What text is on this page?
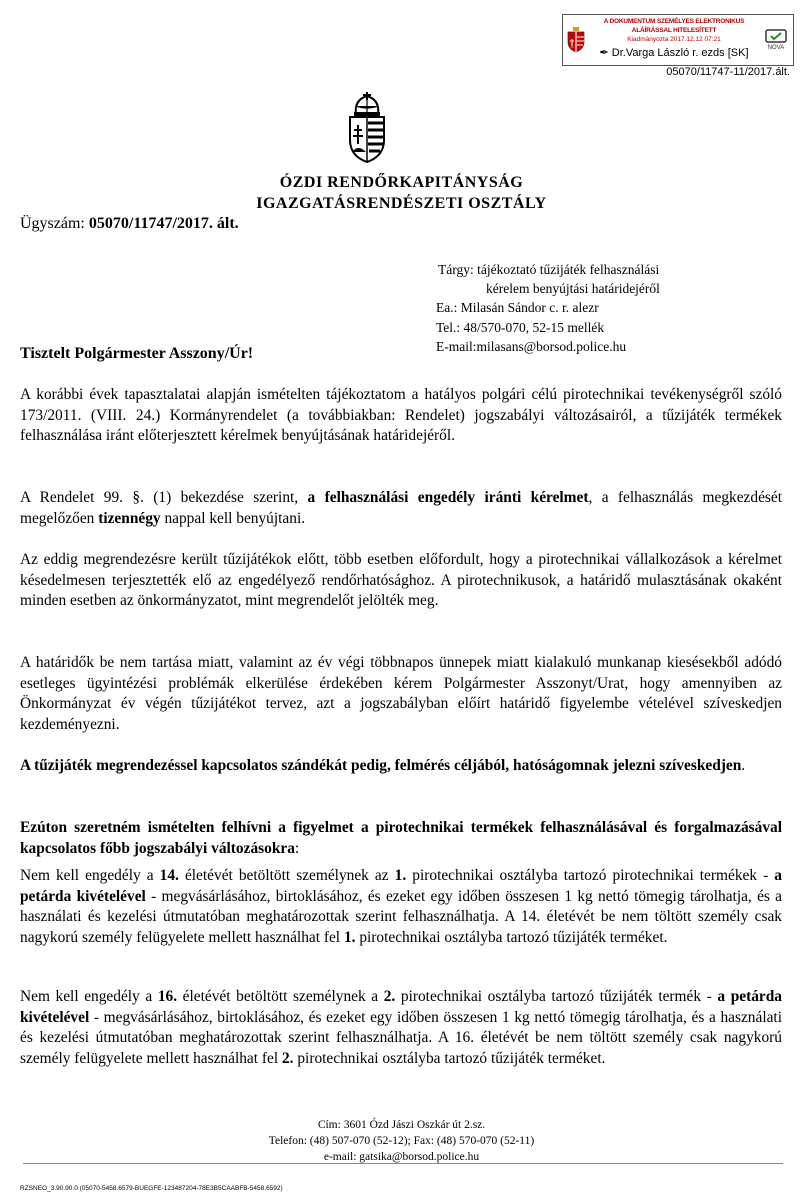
A DOKUMENTUM SZEMÉLYES ELEKTRONIKUS ALÁÍRÁSSAL HITELESÍTETT
Kiadmányozta 2017.12.12 07:21
✒ Dr.Varga László r. ezds [SK]	NOVA
05070/11747-11/2017.ált.
ÓZDI RENDŐRKAPITÁNYSÁG
IGAZGATÁSRENDÉSZETI OSZTÁLY
Ügyszám: 05070/11747/2017. ált.
Tárgy: tájékoztató tűzijáték felhasználási
kérelem benyújtási határidejéről
Ea.: Milasán Sándor c. r. alezr
Tel.: 48/570-070, 52-15 mellék
E-mail:milasans@borsod.police.hu
Tisztelt Polgármester Asszony/Úr!
A korábbi évek tapasztalatai alapján ismételten tájékoztatom a hatályos polgári célú pirotechnikai tevékenységről szóló 173/2011. (VIII. 24.) Kormányrendelet (a továbbiakban: Rendelet) jogszabályi változásairól, a tűzijáték termékek felhasználása iránt előterjesztett kérelmek benyújtásának határidejéről.
A Rendelet 99. §. (1) bekezdése szerint, a felhasználási engedély iránti kérelmet, a felhasználás megkezdését megelőzően tizennégy nappal kell benyújtani.
Az eddig megrendezésre került tűzijátékok előtt, több esetben előfordult, hogy a pirotechnikai vállalkozások a kérelmet késedelmesen terjesztették elő az engedélyező rendőrhatósághoz. A pirotechnikusok, a határidő mulasztásának okaként minden esetben az önkormányzatot, mint megrendelőt jelölték meg.
A határidők be nem tartása miatt, valamint az év végi többnapos ünnepek miatt kialakuló munkanap kiesésekből adódó esetleges ügyintézési problémák elkerülése érdekében kérem Polgármester Asszonyt/Urat, hogy amennyiben az Önkormányzat év végén tűzijátékot tervez, azt a jogszabályban előírt határidő figyelembe vételével szíveskedjen kezdeményezni.
A tűzijáték megrendezéssel kapcsolatos szándékát pedig, felmérés céljából, hatóságomnak jelezni szíveskedjen.
Ezúton szeretném ismételten felhívni a figyelmet a pirotechnikai termékek felhasználásával és forgalmazásával kapcsolatos főbb jogszabályi változásokra:
Nem kell engedély a 14. életévét betöltött személynek az 1. pirotechnikai osztályba tartozó pirotechnikai termékek - a petárda kivételével - megvásárlásához, birtoklásához, és ezeket egy időben összesen 1 kg nettó tömegig tárolhatja, és a használati és kezelési útmutatóban meghatározottak szerint felhasználhatja. A 14. életévét be nem töltött személy csak nagykorú személy felügyelete mellett használhat fel 1. pirotechnikai osztályba tartozó tűzijáték terméket.
Nem kell engedély a 16. életévét betöltött személynek a 2. pirotechnikai osztályba tartozó tűzijáték termék - a petárda kivételével - megvásárlásához, birtoklásához, és ezeket egy időben összesen 1 kg nettó tömegig tárolhatja, és a használati és kezelési útmutatóban meghatározottak szerint felhasználhatja. A 16. életévét be nem töltött személy csak nagykorú személy felügyelete mellett használhat fel 2. pirotechnikai osztályba tartozó tűzijáték terméket.
Cím: 3601 Ózd Jászi Oszkár út 2.sz.
Telefon: (48) 507-070 (52-12); Fax: (48) 570-070 (52-11)
e-mail: gatsika@borsod.police.hu
RZSNEO_3.90.90.0 (05070-5458.6579-BUEGFE-123487204-78E3B5CAABFB-5458.6592)
